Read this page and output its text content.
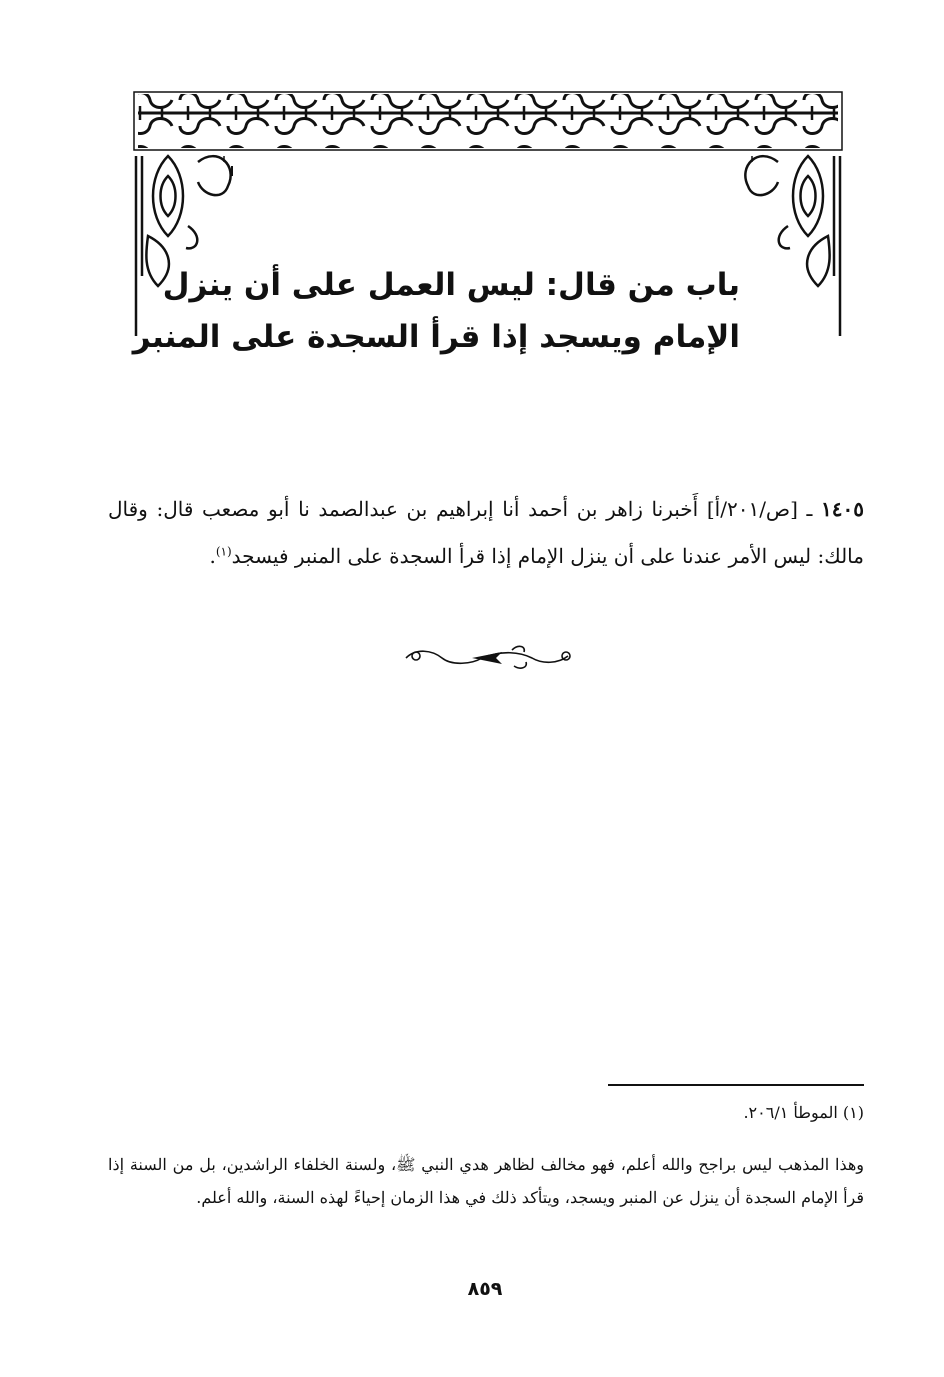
باب من قال: ليس العمل على أن ينزل
الإمام ويسجد إذا قرأ السجدة على المنبر
١٤٠٥ ـ [ص/٢٠١/أ] أَخبرنا زاهر بن أحمد أنا إبراهيم بن عبدالصمد نا أبو مصعب قال: وقال مالك: ليس الأمر عندنا على أن ينزل الإمام إذا قرأ السجدة على المنبر فيسجد$^{(١)}$.
(١) الموطأ ٢٠٦/١.
وهذا المذهب ليس براجح والله أعلم، فهو مخالف لظاهر هدي النبي ﷺ، ولسنة الخلفاء الراشدين، بل من السنة إذا قرأ الإمام السجدة أن ينزل عن المنبر ويسجد، ويتأكد ذلك في هذا الزمان إحياءً لهذه السنة، والله أعلم.
٨٥٩
